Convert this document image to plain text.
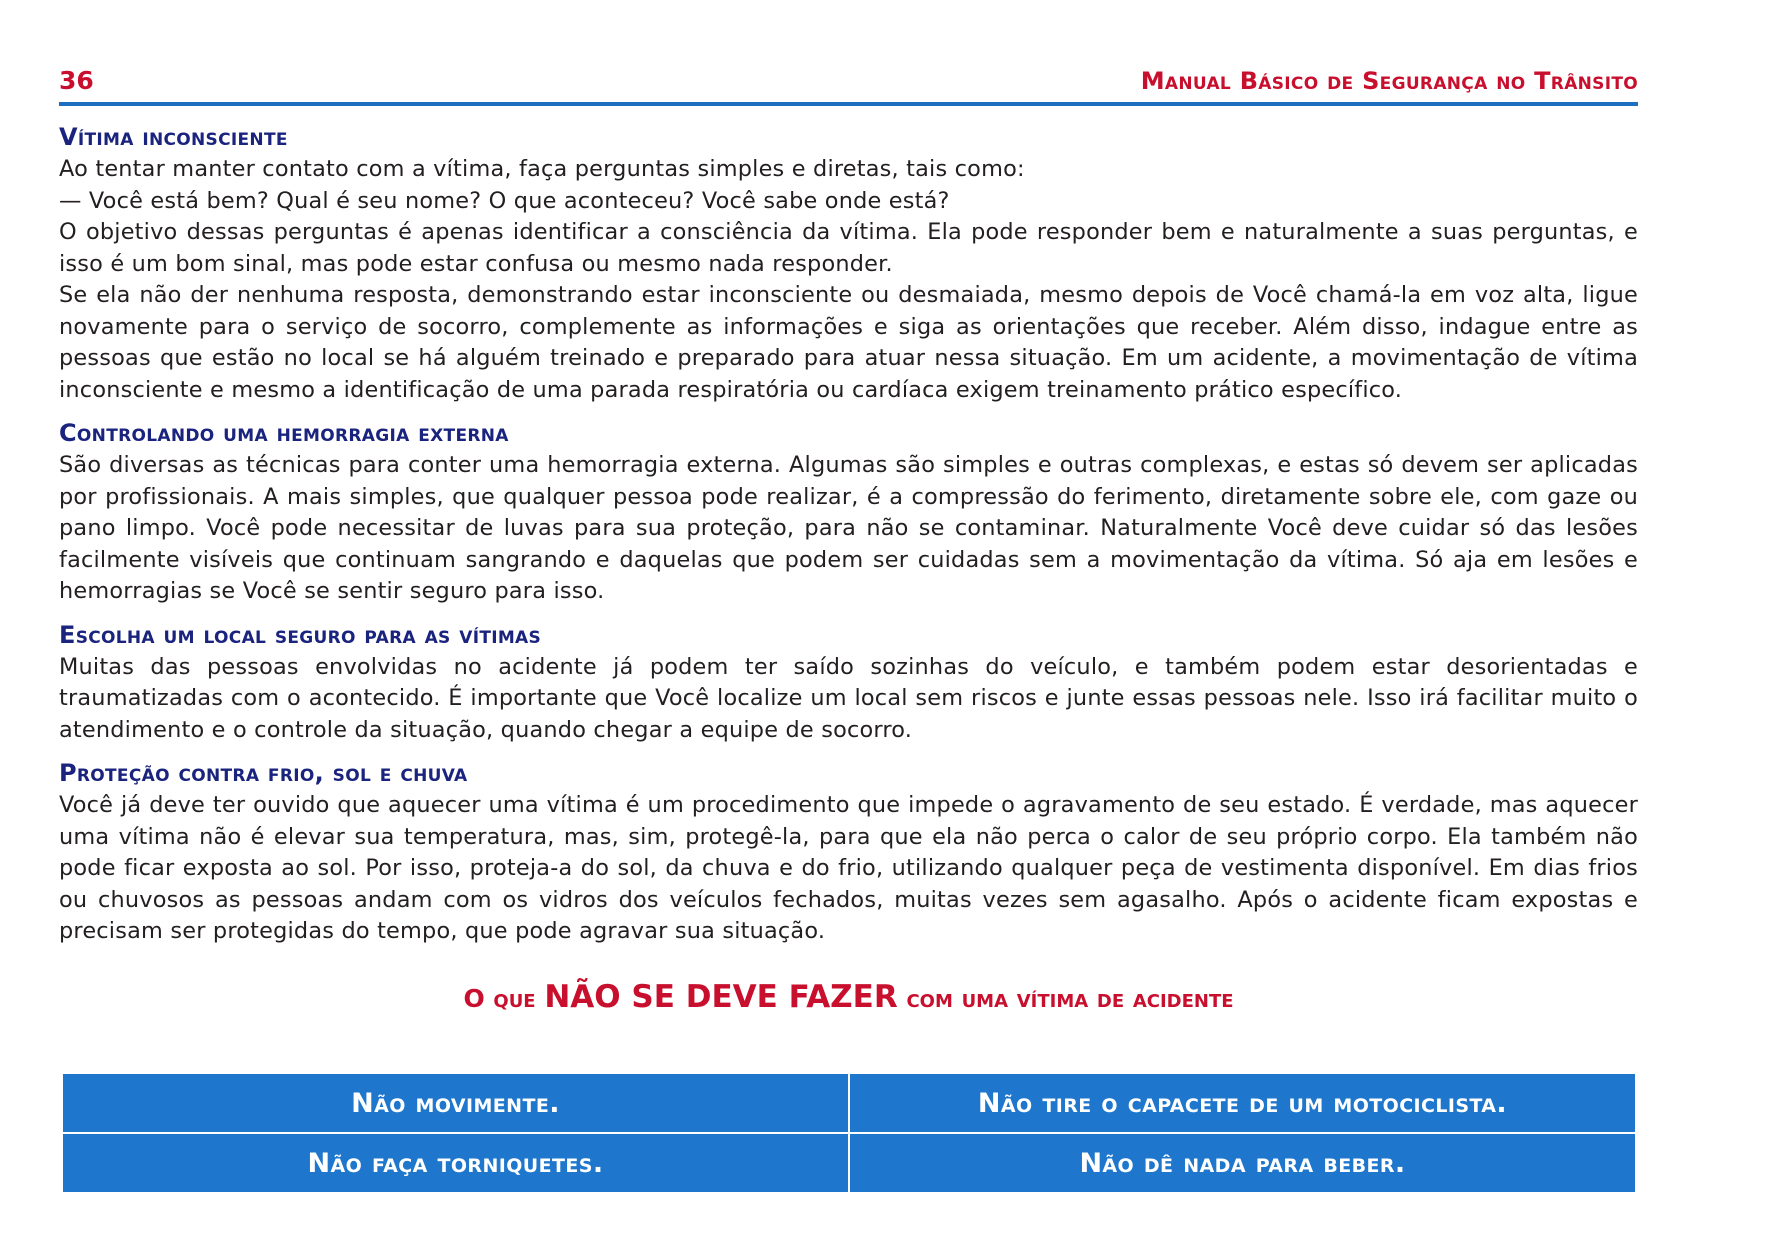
36	Manual Básico de Segurança no Trânsito
Vítima inconsciente

Ao tentar manter contato com a vítima, faça perguntas simples e diretas, tais como:

— Você está bem? Qual é seu nome? O que aconteceu? Você sabe onde está?

O objetivo dessas perguntas é apenas identificar a consciência da vítima. Ela pode responder bem e naturalmente a suas perguntas, e isso é um bom sinal, mas pode estar confusa ou mesmo nada responder.

Se ela não der nenhuma resposta, demonstrando estar inconsciente ou desmaiada, mesmo depois de Você chamá-la em voz alta, ligue novamente para o serviço de socorro, complemente as informações e siga as orientações que receber. Além disso, indague entre as pessoas que estão no local se há alguém treinado e preparado para atuar nessa situação. Em um acidente, a movimentação de vítima inconsciente e mesmo a identificação de uma parada respiratória ou cardíaca exigem treinamento prático específico.

Controlando uma hemorragia externa

São diversas as técnicas para conter uma hemorragia externa. Algumas são simples e outras complexas, e estas só devem ser aplicadas por profissionais. A mais simples, que qualquer pessoa pode realizar, é a compressão do ferimento, diretamente sobre ele, com gaze ou pano limpo. Você pode necessitar de luvas para sua proteção, para não se contaminar. Naturalmente Você deve cuidar só das lesões facilmente visíveis que continuam sangrando e daquelas que podem ser cuidadas sem a movimentação da vítima. Só aja em lesões e hemorragias se Você se sentir seguro para isso.

Escolha um local seguro para as vítimas

Muitas das pessoas envolvidas no acidente já podem ter saído sozinhas do veículo, e também podem estar desorientadas e traumatizadas com o acontecido. É importante que Você localize um local sem riscos e junte essas pessoas nele. Isso irá facilitar muito o atendimento e o controle da situação, quando chegar a equipe de socorro.

Proteção contra frio, sol e chuva

Você já deve ter ouvido que aquecer uma vítima é um procedimento que impede o agravamento de seu estado. É verdade, mas aquecer uma vítima não é elevar sua temperatura, mas, sim, protegê-la, para que ela não perca o calor de seu próprio corpo. Ela também não pode ficar exposta ao sol. Por isso, proteja-a do sol, da chuva e do frio, utilizando qualquer peça de vestimenta disponível. Em dias frios ou chuvosos as pessoas andam com os vidros dos veículos fechados, muitas vezes sem agasalho. Após o acidente ficam expostas e precisam ser protegidas do tempo, que pode agravar sua situação.

O que NÃO SE DEVE FAZER com uma vítima de acidente
Não movimente.	Não tire o capacete de um motociclista.
Não faça torniquetes.	Não dê nada para beber.
